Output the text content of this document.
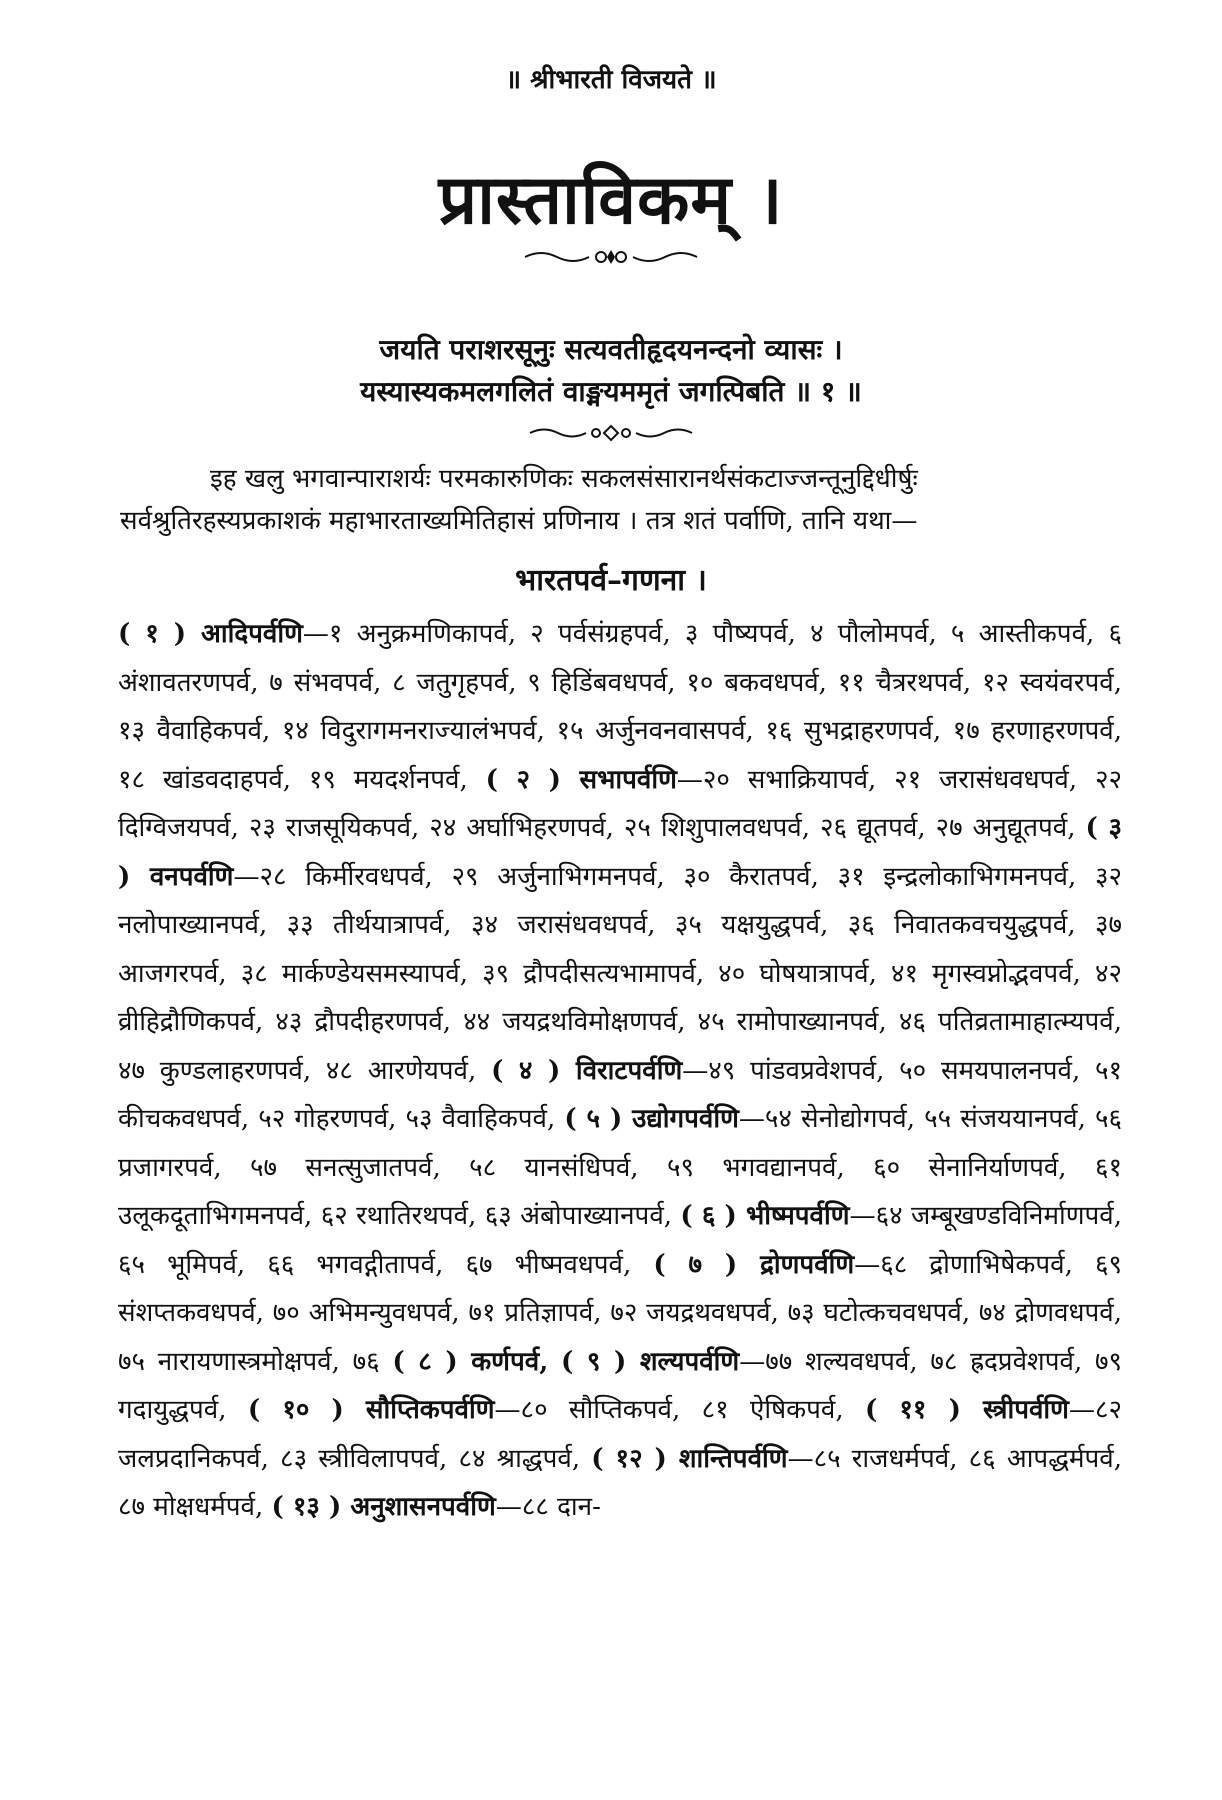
॥ श्रीभारती विजयते ॥
प्रास्ताविकम् ।
जयति पराशरसूनुः सत्यवतीहृदयनन्दनो व्यासः ।
यस्यास्यकमलगलितं वाङ्मयममृतं जगत्पिबति ॥ १ ॥
इह खलु भगवान्पाराशर्यः परमकारुणिकः सकलसंसारानर्थसंकटाज्जन्तूनुद्दिधीर्षुः
सर्वश्रुतिरहस्यप्रकाशकं महाभारताख्यमितिहासं प्रणिनाय । तत्र शतं पर्वाणि, तानि यथा—
भारतपर्व–गणना ।
( १ ) आदिपर्वणि—१ अनुक्रमणिकापर्व, २ पर्वसंग्रहपर्व, ३ पौष्यपर्व, ४ पौलोमपर्व, ५ आस्तीकपर्व, ६ अंशावतरणपर्व, ७ संभवपर्व, ८ जतुगृहपर्व, ९ हिडिंबवधपर्व, १० बकवधपर्व, ११ चैत्ररथपर्व, १२ स्वयंवरपर्व, १३ वैवाहिकपर्व, १४ विदुरागमनराज्यालंभपर्व, १५ अर्जुनवनवासपर्व, १६ सुभद्राहरणपर्व, १७ हरणाहरणपर्व, १८ खांडवदाहपर्व, १९ मयदर्शनपर्व, ( २ ) सभापर्वणि—२० सभाक्रियापर्व, २१ जरासंधवधपर्व, २२ दिग्विजयपर्व, २३ राजसूयिकपर्व, २४ अर्घाभिहरणपर्व, २५ शिशुपालवधपर्व, २६ द्यूतपर्व, २७ अनुद्यूतपर्व, ( ३ ) वनपर्वणि—२८ किर्मीरवधपर्व, २९ अर्जुनाभिगमनपर्व, ३० कैरातपर्व, ३१ इन्द्रलोकाभिगमनपर्व, ३२ नलोपाख्यानपर्व, ३३ तीर्थयात्रापर्व, ३४ जरासंधवधपर्व, ३५ यक्षयुद्धपर्व, ३६ निवातकवचयुद्धपर्व, ३७ आजगरपर्व, ३८ मार्कण्डेयसमस्यापर्व, ३९ द्रौपदीसत्यभामापर्व, ४० घोषयात्रापर्व, ४१ मृगस्वप्नोद्भवपर्व, ४२ व्रीहिद्रौणिकपर्व, ४३ द्रौपदीहरणपर्व, ४४ जयद्रथविमोक्षणपर्व, ४५ रामोपाख्यानपर्व, ४६ पतिव्रतामाहात्म्यपर्व, ४७ कुण्डलाहरणपर्व, ४८ आरणेयपर्व, ( ४ ) विराटपर्वणि—४९ पांडवप्रवेशपर्व, ५० समयपालनपर्व, ५१ कीचकवधपर्व, ५२ गोहरणपर्व, ५३ वैवाहिकपर्व, ( ५ ) उद्योगपर्वणि—५४ सेनोद्योगपर्व, ५५ संजययानपर्व, ५६ प्रजागरपर्व, ५७ सनत्सुजातपर्व, ५८ यानसंधिपर्व, ५९ भगवद्यानपर्व, ६० सेनानिर्याणपर्व, ६१ उलूकदूताभिगमनपर्व, ६२ रथातिरथपर्व, ६३ अंबोपाख्यानपर्व, ( ६ ) भीष्मपर्वणि—६४ जम्बूखण्डविनिर्माणपर्व, ६५ भूमिपर्व, ६६ भगवद्गीतापर्व, ६७ भीष्मवधपर्व, ( ७ ) द्रोणपर्वणि—६८ द्रोणाभिषेकपर्व, ६९ संशप्तकवधपर्व, ७० अभिमन्युवधपर्व, ७१ प्रतिज्ञापर्व, ७२ जयद्रथवधपर्व, ७३ घटोत्कचवधपर्व, ७४ द्रोणवधपर्व, ७५ नारायणास्त्रमोक्षपर्व, ७६ ( ८ ) कर्णपर्व, ( ९ ) शल्यपर्वणि—७७ शल्यवधपर्व, ७८ ह्रदप्रवेशपर्व, ७९ गदायुद्धपर्व, ( १० ) सौप्तिकपर्वणि—८० सौप्तिकपर्व, ८१ ऐषिकपर्व, ( ११ ) स्त्रीपर्वणि—८२ जलप्रदानिकपर्व, ८३ स्त्रीविलापपर्व, ८४ श्राद्धपर्व, ( १२ ) शान्तिपर्वणि—८५ राजधर्मपर्व, ८६ आपद्धर्मपर्व, ८७ मोक्षधर्मपर्व, ( १३ ) अनुशासनपर्वणि—८८ दान-
